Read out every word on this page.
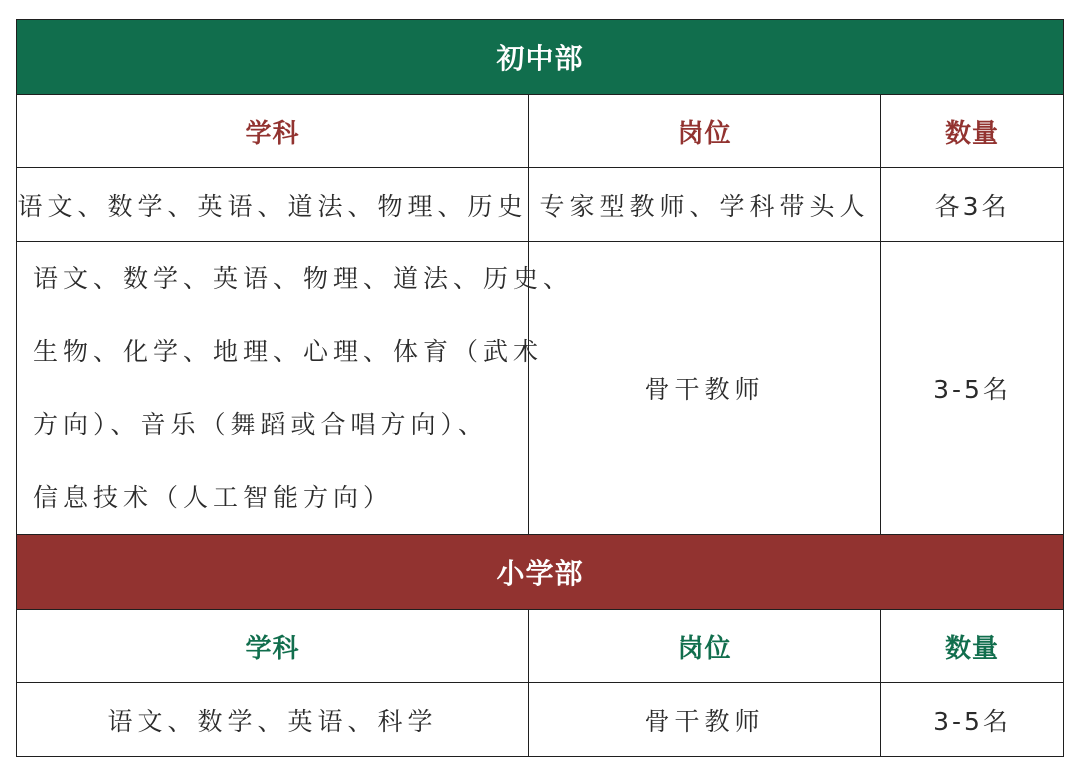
初中部		
学科	岗位	数量
语文、数学、英语、道法、物理、历史	专家型教师、学科带头人	各3名

语文、数学、英语、物理、道法、历史、
生物、化学、地理、心理、体育（武术
方向）、音乐（舞蹈或合唱方向）、
信息技术（人工智能方向）	骨干教师	3-5名
小学部		
学科	岗位	数量
语文、数学、英语、科学	骨干教师	3-5名
